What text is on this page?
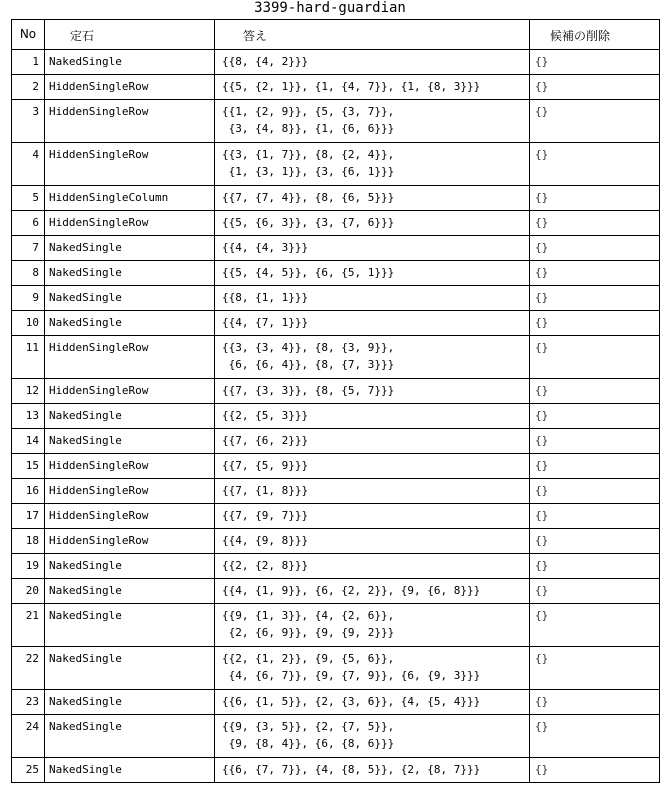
3399-hard-guardian
No	定石	答え	候補の削除

1	NakedSingle	{{8, {4, 2}}}	{}

2	HiddenSingleRow	{{5, {2, 1}}, {1, {4, 7}}, {1, {8, 3}}}	{}

3	HiddenSingleRow	{{1, {2, 9}}, {5, {3, 7}},
{3, {4, 8}}, {1, {6, 6}}}	{}

4	HiddenSingleRow	{{3, {1, 7}}, {8, {2, 4}},
{1, {3, 1}}, {3, {6, 1}}}	{}

5	HiddenSingleColumn	{{7, {7, 4}}, {8, {6, 5}}}	{}

6	HiddenSingleRow	{{5, {6, 3}}, {3, {7, 6}}}	{}

7	NakedSingle	{{4, {4, 3}}}	{}

8	NakedSingle	{{5, {4, 5}}, {6, {5, 1}}}	{}

9	NakedSingle	{{8, {1, 1}}}	{}

10	NakedSingle	{{4, {7, 1}}}	{}

11	HiddenSingleRow	{{3, {3, 4}}, {8, {3, 9}},
{6, {6, 4}}, {8, {7, 3}}}	{}

12	HiddenSingleRow	{{7, {3, 3}}, {8, {5, 7}}}	{}

13	NakedSingle	{{2, {5, 3}}}	{}

14	NakedSingle	{{7, {6, 2}}}	{}

15	HiddenSingleRow	{{7, {5, 9}}}	{}

16	HiddenSingleRow	{{7, {1, 8}}}	{}

17	HiddenSingleRow	{{7, {9, 7}}}	{}

18	HiddenSingleRow	{{4, {9, 8}}}	{}

19	NakedSingle	{{2, {2, 8}}}	{}

20	NakedSingle	{{4, {1, 9}}, {6, {2, 2}}, {9, {6, 8}}}	{}

21	NakedSingle	{{9, {1, 3}}, {4, {2, 6}},
{2, {6, 9}}, {9, {9, 2}}}	{}

22	NakedSingle	{{2, {1, 2}}, {9, {5, 6}},
{4, {6, 7}}, {9, {7, 9}}, {6, {9, 3}}}	{}

23	NakedSingle	{{6, {1, 5}}, {2, {3, 6}}, {4, {5, 4}}}	{}

24	NakedSingle	{{9, {3, 5}}, {2, {7, 5}},
{9, {8, 4}}, {6, {8, 6}}}	{}

25	NakedSingle	{{6, {7, 7}}, {4, {8, 5}}, {2, {8, 7}}}	{}
